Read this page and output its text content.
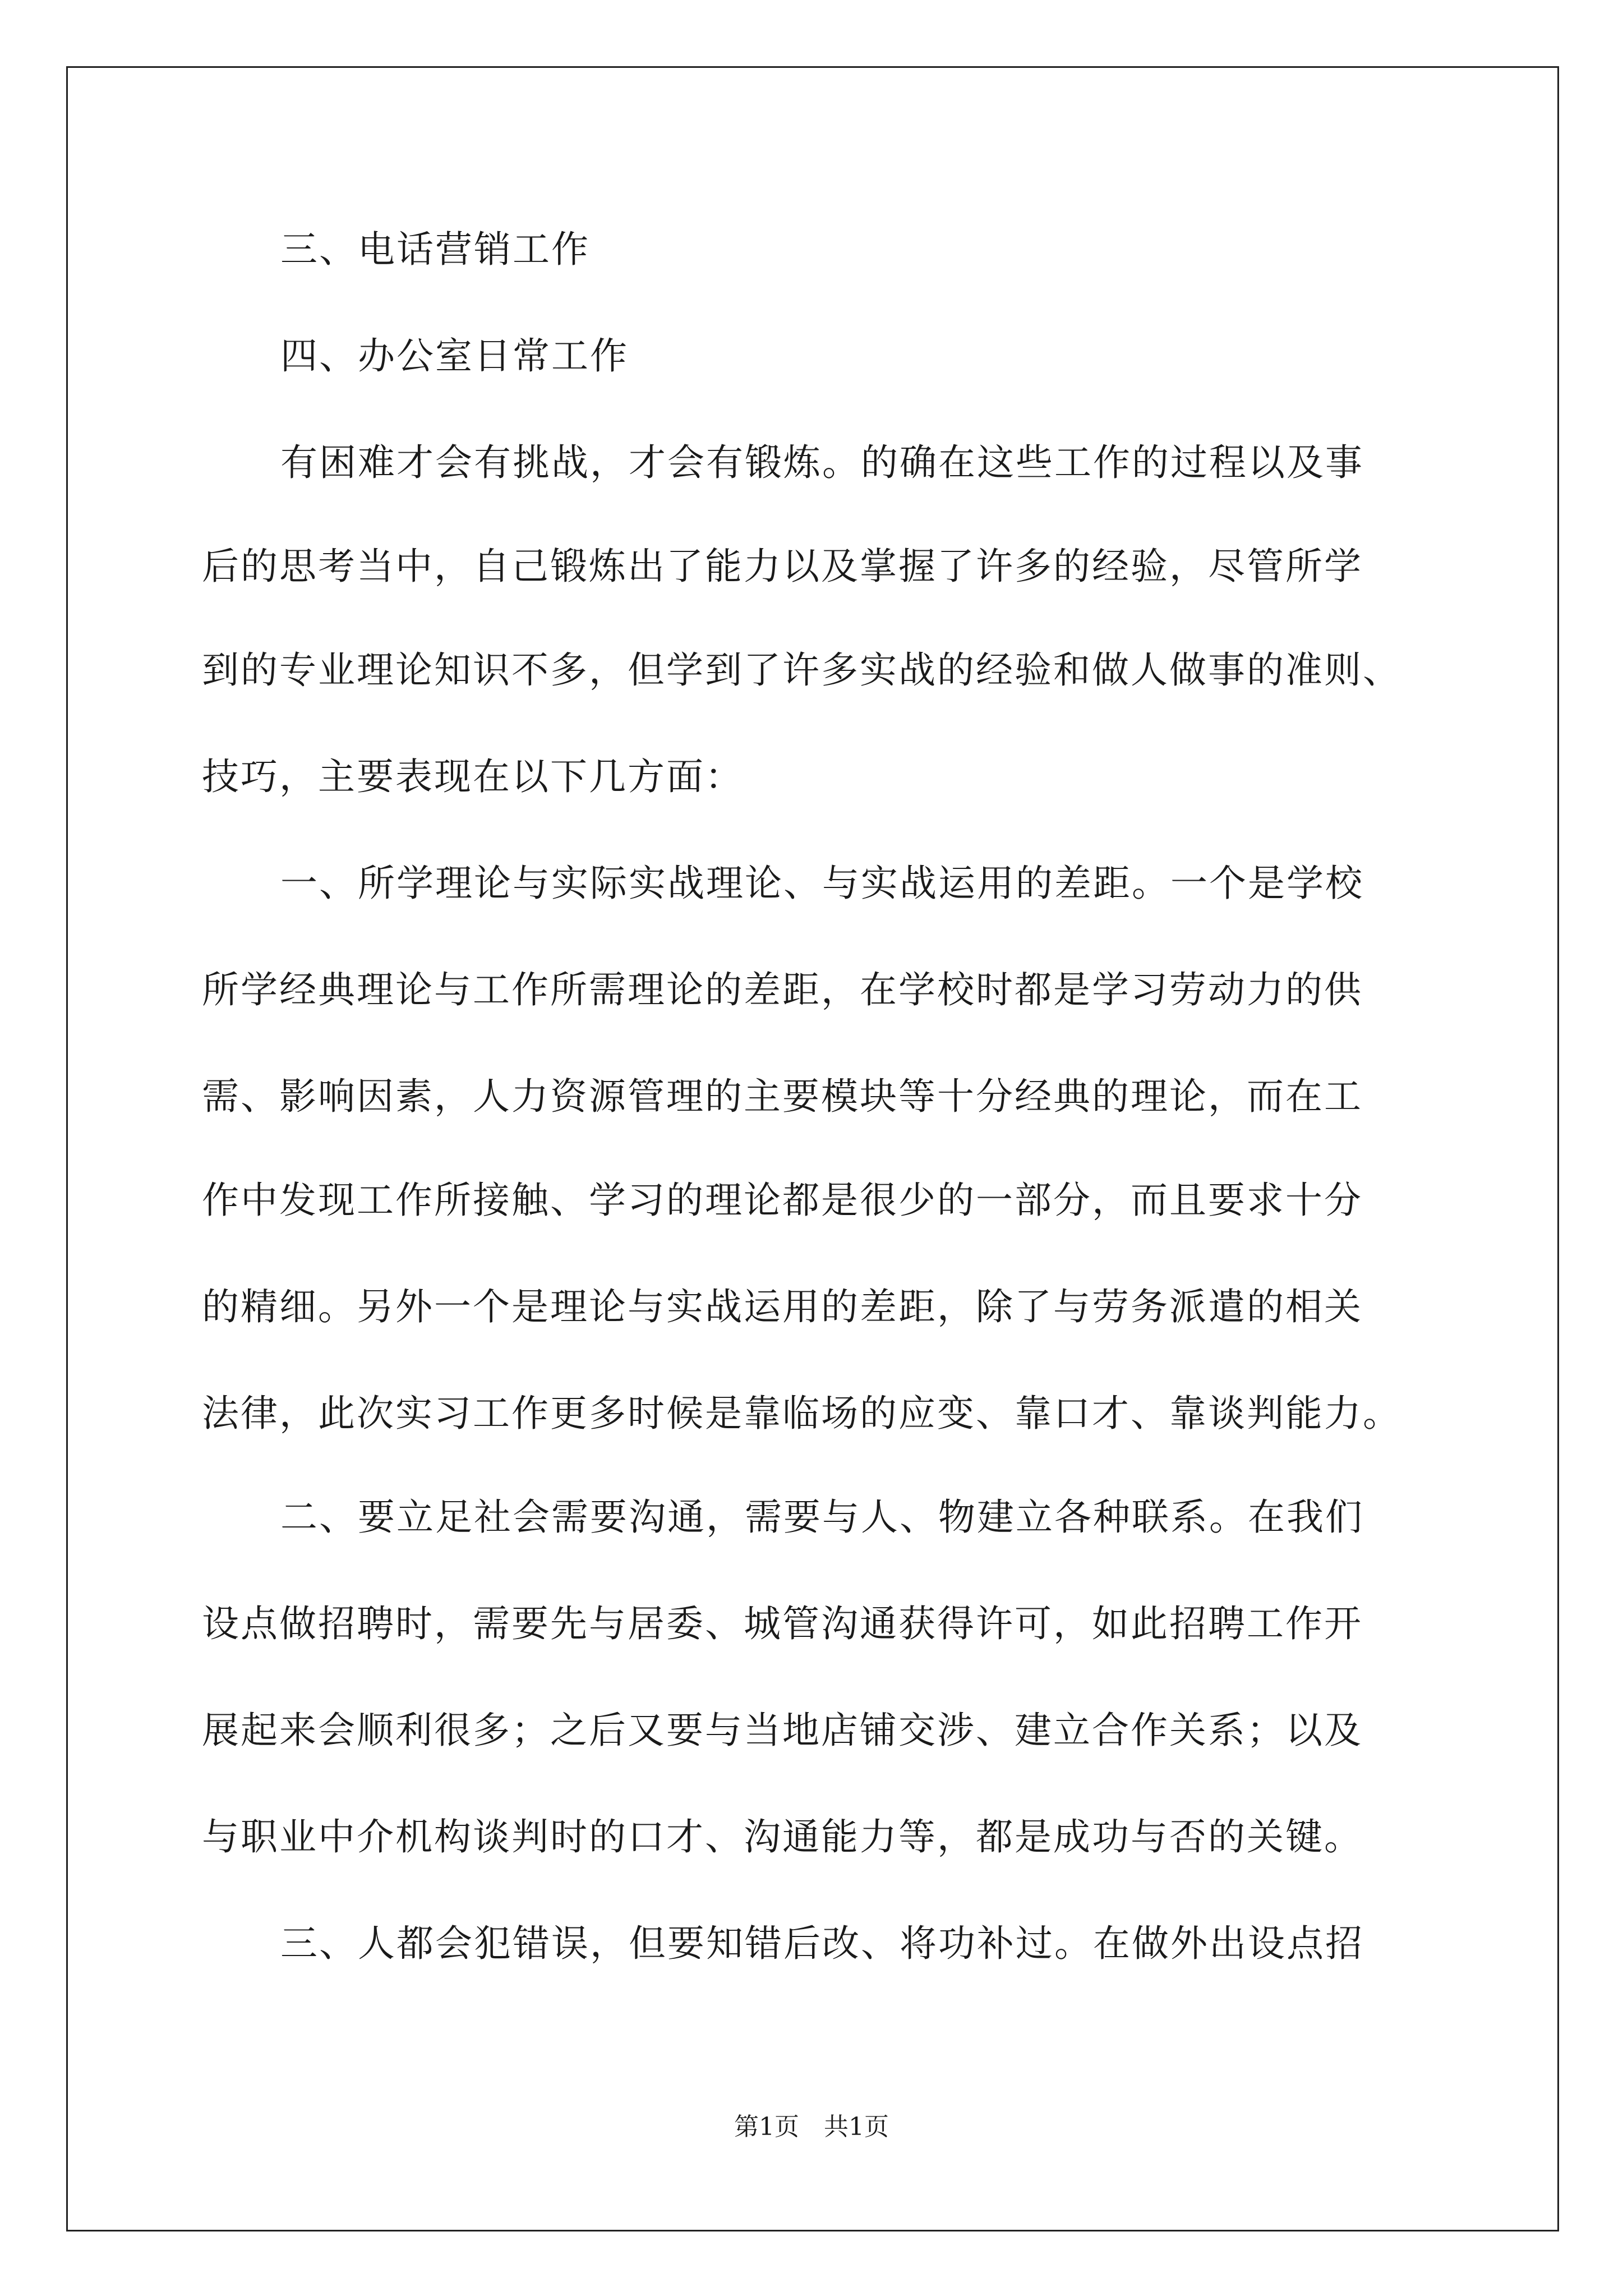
三、电话营销工作
四、办公室日常工作
有困难才会有挑战，才会有锻炼。的确在这些工作的过程以及事
后的思考当中，自己锻炼出了能力以及掌握了许多的经验，尽管所学
到的专业理论知识不多，但学到了许多实战的经验和做人做事的准则、
技巧，主要表现在以下几方面：
一、所学理论与实际实战理论、与实战运用的差距。一个是学校
所学经典理论与工作所需理论的差距，在学校时都是学习劳动力的供
需、影响因素，人力资源管理的主要模块等十分经典的理论，而在工
作中发现工作所接触、学习的理论都是很少的一部分，而且要求十分
的精细。另外一个是理论与实战运用的差距，除了与劳务派遣的相关
法律，此次实习工作更多时候是靠临场的应变、靠口才、靠谈判能力。
二、要立足社会需要沟通，需要与人、物建立各种联系。在我们
设点做招聘时，需要先与居委、城管沟通获得许可，如此招聘工作开
展起来会顺利很多；之后又要与当地店铺交涉、建立合作关系；以及
与职业中介机构谈判时的口才、沟通能力等，都是成功与否的关键。
三、人都会犯错误，但要知错后改、将功补过。在做外出设点招
第1页　共1页
